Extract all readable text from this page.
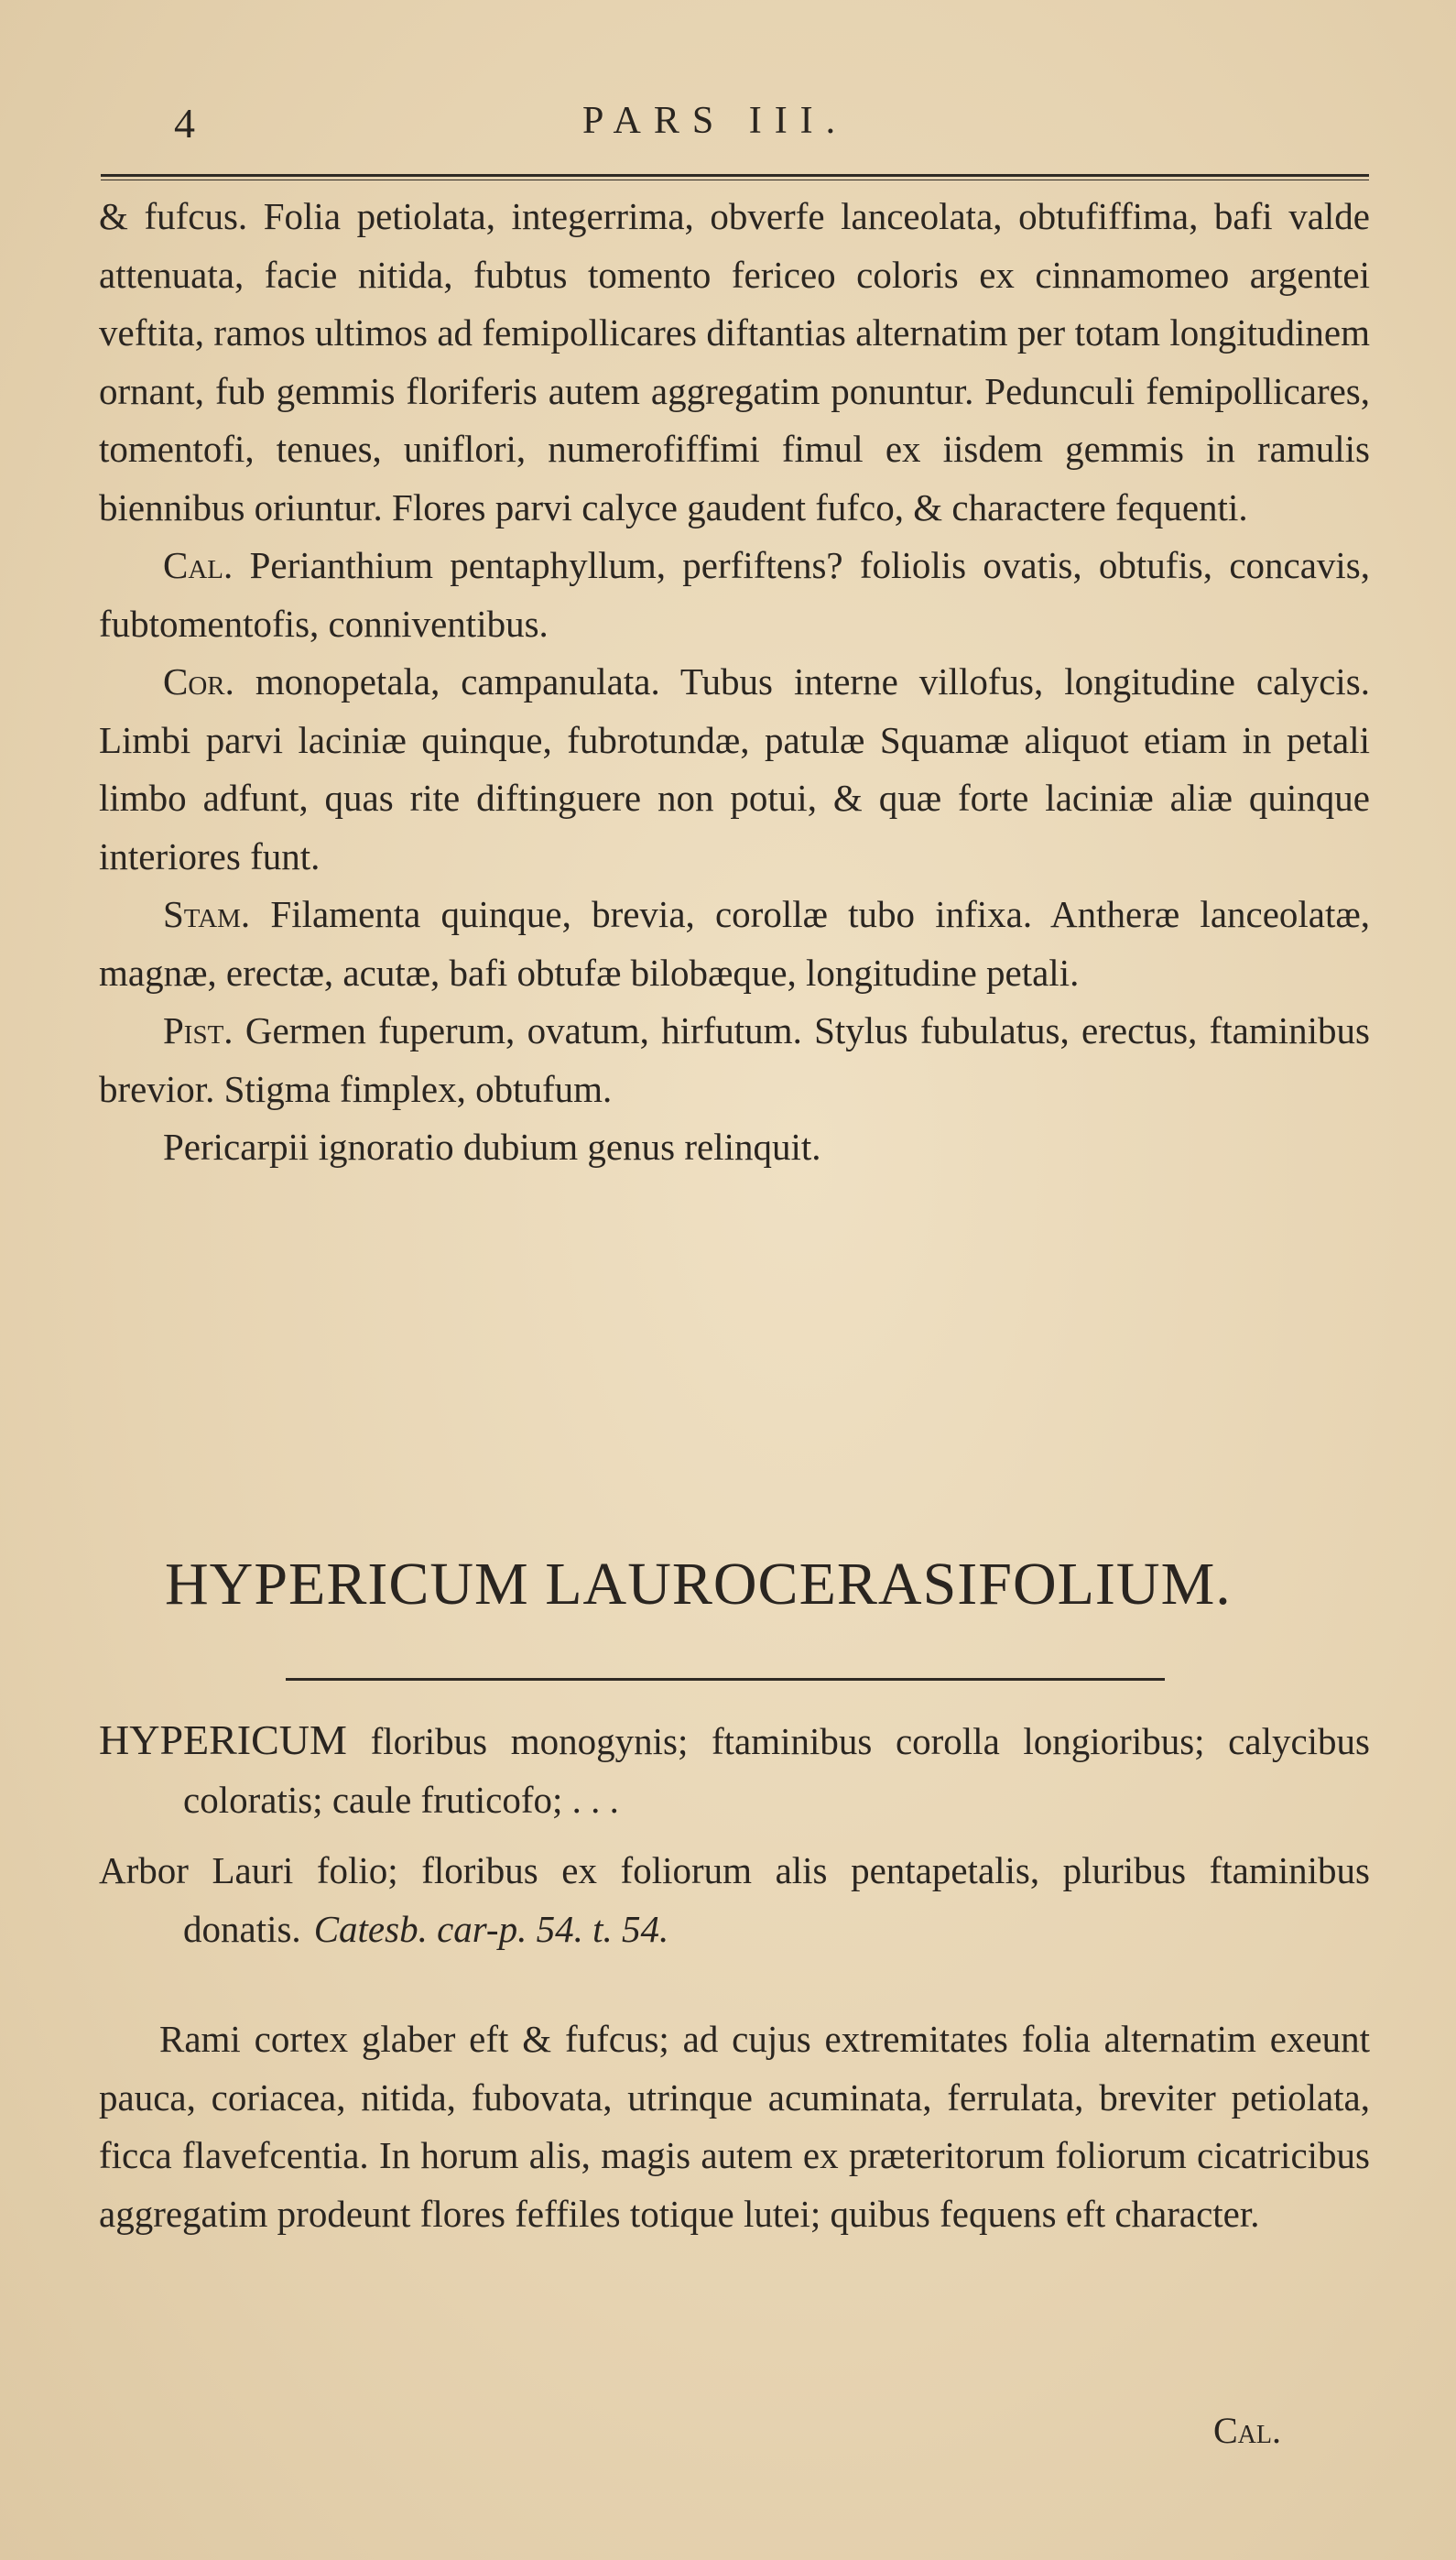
4	PARS III.

& fufcus. Folia petiolata, integerrima, obverfe lanceolata, obtufiffima, bafi valde attenuata, facie nitida, fubtus tomento fericeo coloris ex cinnamomeo argentei veftita, ramos ultimos ad femipollicares diftantias alternatim per totam longitudinem ornant, fub gemmis floriferis autem aggregatim ponuntur. Pedunculi femipollicares, tomentofi, tenues, uniflori, numerofiffimi fimul ex iisdem gemmis in ramulis biennibus oriuntur. Flores parvi calyce gaudent fufco, & charactere fequenti.

Cal. Perianthium pentaphyllum, perfiftens? foliolis ovatis, obtufis, concavis, fubtomentofis, conniventibus.

Cor. monopetala, campanulata. Tubus interne villofus, longitudine calycis. Limbi parvi laciniæ quinque, fubrotundæ, patulæ Squamæ aliquot etiam in petali limbo adfunt, quas rite diftinguere non potui, & quæ forte laciniæ aliæ quinque interiores funt.

Stam. Filamenta quinque, brevia, corollæ tubo infixa. Antheræ lanceolatæ, magnæ, erectæ, acutæ, bafi obtufæ bilobæque, longitudine petali.

Pist. Germen fuperum, ovatum, hirfutum. Stylus fubulatus, erectus, ftaminibus brevior. Stigma fimplex, obtufum.

Pericarpii ignoratio dubium genus relinquit.

HYPERICUM LAUROCERASIFOLIUM.

HYPERICUM floribus monogynis; ftaminibus corolla longioribus; calycibus coloratis; caule fruticofo; . . .

Arbor Lauri folio; floribus ex foliorum alis pentapetalis, pluribus ftaminibus donatis. Catesb. car-p. 54. t. 54.

Rami cortex glaber eft & fufcus; ad cujus extremitates folia alternatim exeunt pauca, coriacea, nitida, fubovata, utrinque acuminata, ferrulata, breviter petiolata, ficca flavefcentia. In horum alis, magis autem ex præteritorum foliorum cicatricibus aggregatim prodeunt flores feffiles totique lutei; quibus fequens eft character.

Cal.
